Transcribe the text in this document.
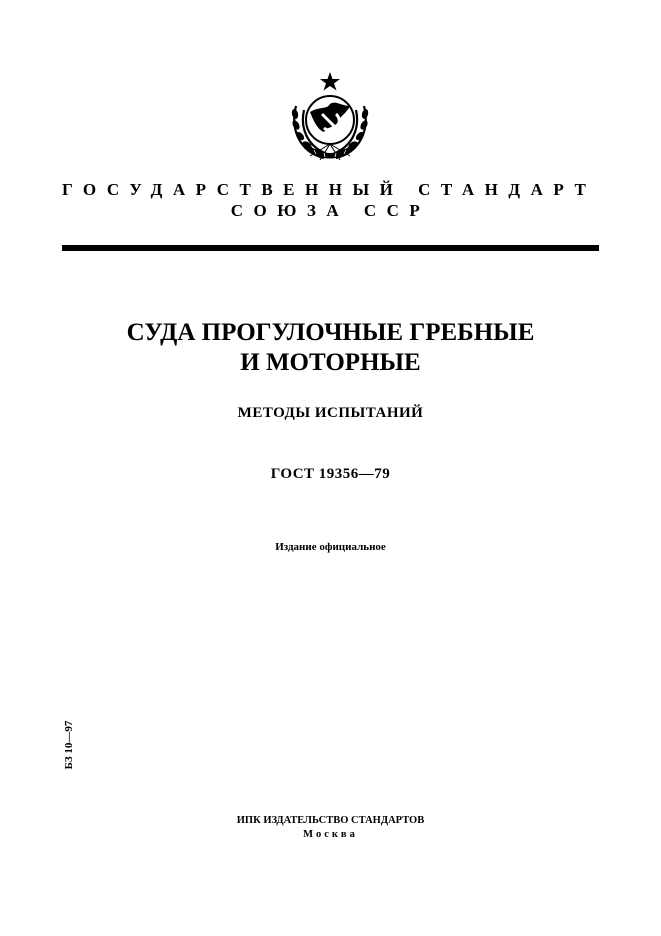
ГОСУДАРСТВЕННЫЙ СТАНДАРТ
СОЮЗА ССР
СУДА ПРОГУЛОЧНЫЕ ГРЕБНЫЕ
И МОТОРНЫЕ
МЕТОДЫ ИСПЫТАНИЙ
ГОСТ 19356—79
Издание официальное
БЗ 10—97
ИПК ИЗДАТЕЛЬСТВО СТАНДАРТОВ
Москва
